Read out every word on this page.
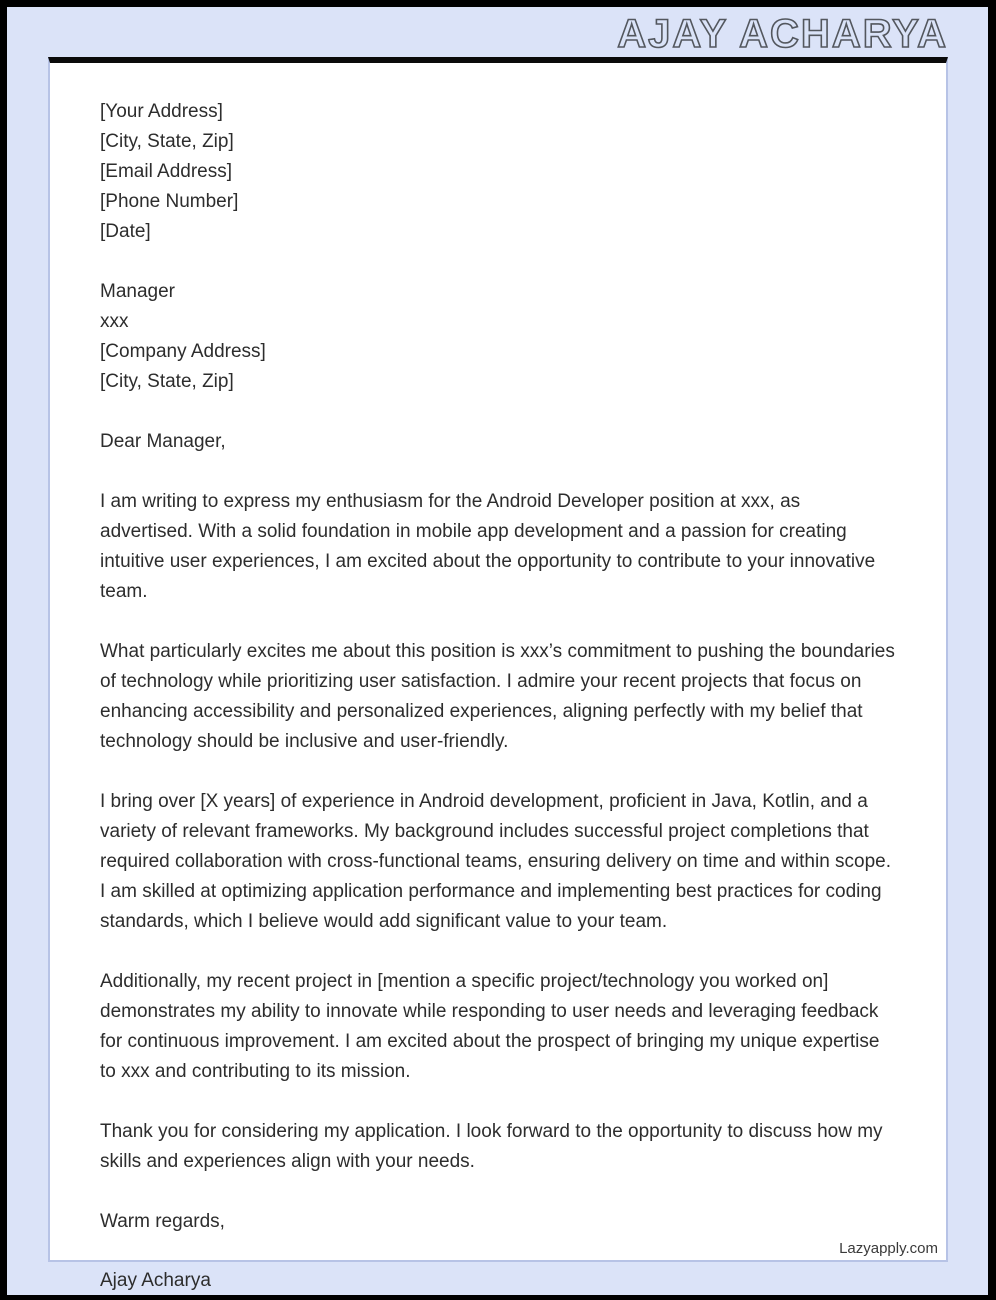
AJAY ACHARYA
[Your Address]
[City, State, Zip]
[Email Address]
[Phone Number]
[Date]
Manager
xxx
[Company Address]
[City, State, Zip]

Dear Manager,

I am writing to express my enthusiasm for the Android Developer position at xxx, as advertised. With a solid foundation in mobile app development and a passion for creating intuitive user experiences, I am excited about the opportunity to contribute to your innovative team.

What particularly excites me about this position is xxx’s commitment to pushing the boundaries of technology while prioritizing user satisfaction. I admire your recent projects that focus on enhancing accessibility and personalized experiences, aligning perfectly with my belief that technology should be inclusive and user-friendly.

I bring over [X years] of experience in Android development, proficient in Java, Kotlin, and a variety of relevant frameworks. My background includes successful project completions that required collaboration with cross-functional teams, ensuring delivery on time and within scope. I am skilled at optimizing application performance and implementing best practices for coding standards, which I believe would add significant value to your team.

Additionally, my recent project in [mention a specific project/technology you worked on] demonstrates my ability to innovate while responding to user needs and leveraging feedback for continuous improvement. I am excited about the prospect of bringing my unique expertise to xxx and contributing to its mission.

Thank you for considering my application. I look forward to the opportunity to discuss how my skills and experiences align with your needs.

Warm regards,

Lazyapply.com
Ajay Acharya
